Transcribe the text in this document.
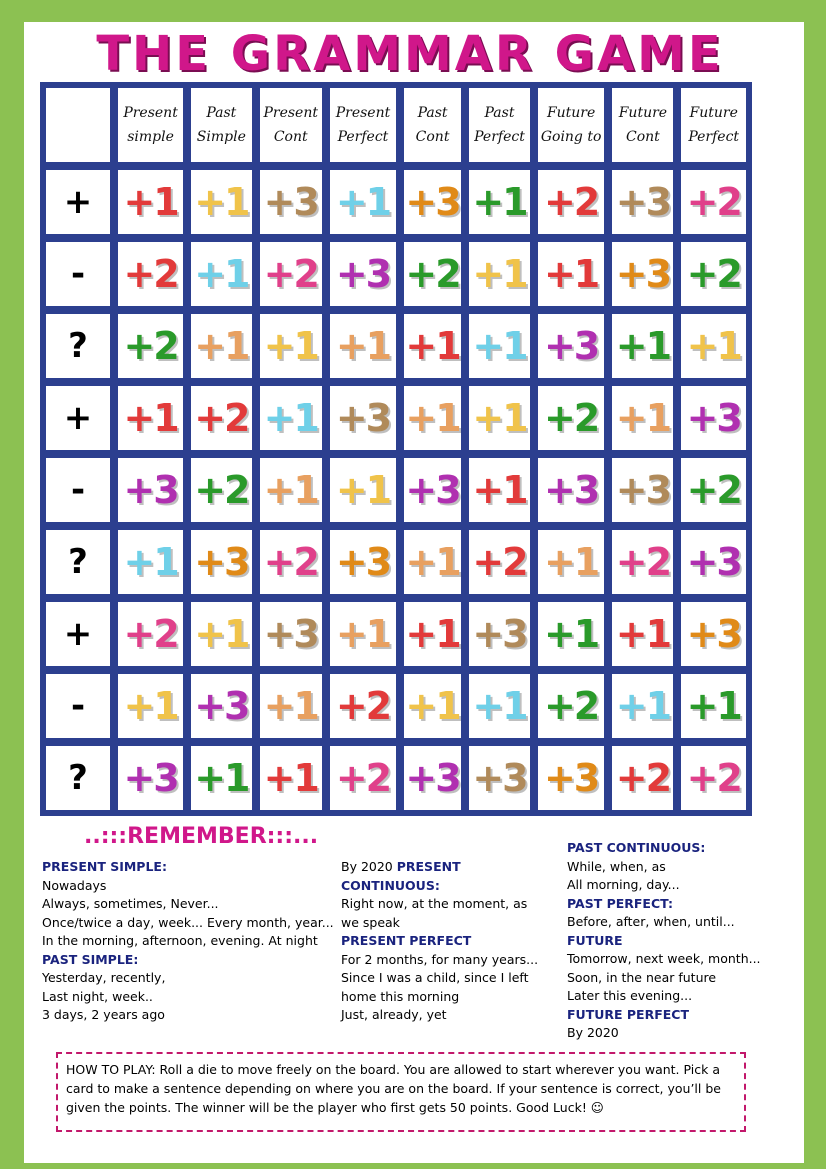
THE GRAMMAR GAME
	Present simple	Past Simple	Present Cont	Present Perfect	Past Cont	Past Perfect	Future Going to	Future Cont	Future Perfect
+	+1	+1	+3	+1	+3	+1	+2	+3	+2
-	+2	+1	+2	+3	+2	+1	+1	+3	+2
?	+2	+1	+1	+1	+1	+1	+3	+1	+1
+	+1	+2	+1	+3	+1	+1	+2	+1	+3
-	+3	+2	+1	+1	+3	+1	+3	+3	+2
?	+1	+3	+2	+3	+1	+2	+1	+2	+3
+	+2	+1	+3	+1	+1	+3	+1	+1	+3
-	+1	+3	+1	+2	+1	+1	+2	+1	+1
?	+3	+1	+1	+2	+3	+3	+3	+2	+2
..:::REMEMBER:::...
PRESENT SIMPLE:
Nowadays
Always, sometimes, Never...
Once/twice a day, week... Every month, year...
In the morning, afternoon, evening. At night
PAST SIMPLE:
Yesterday, recently,
Last night, week..
3 days, 2 years ago
By 2020 PRESENT CONTINUOUS:
Right now, at the moment, as
we speak
PRESENT PERFECT
For 2 months, for many years...
Since I was a child, since I left
home this morning
Just, already, yet
PAST CONTINUOUS:
While, when, as
All morning, day...
PAST PERFECT:
Before, after, when, until...
FUTURE
Tomorrow, next week, month...
Soon, in the near future
Later this evening...
FUTURE PERFECT
By 2020
HOW TO PLAY: Roll a die to move freely on the board. You are allowed to start wherever you want. Pick a card to make a sentence depending on where you are on the board. If your sentence is correct, you’ll be given the points. The winner will be the player who first gets 50 points. Good Luck! ☺
